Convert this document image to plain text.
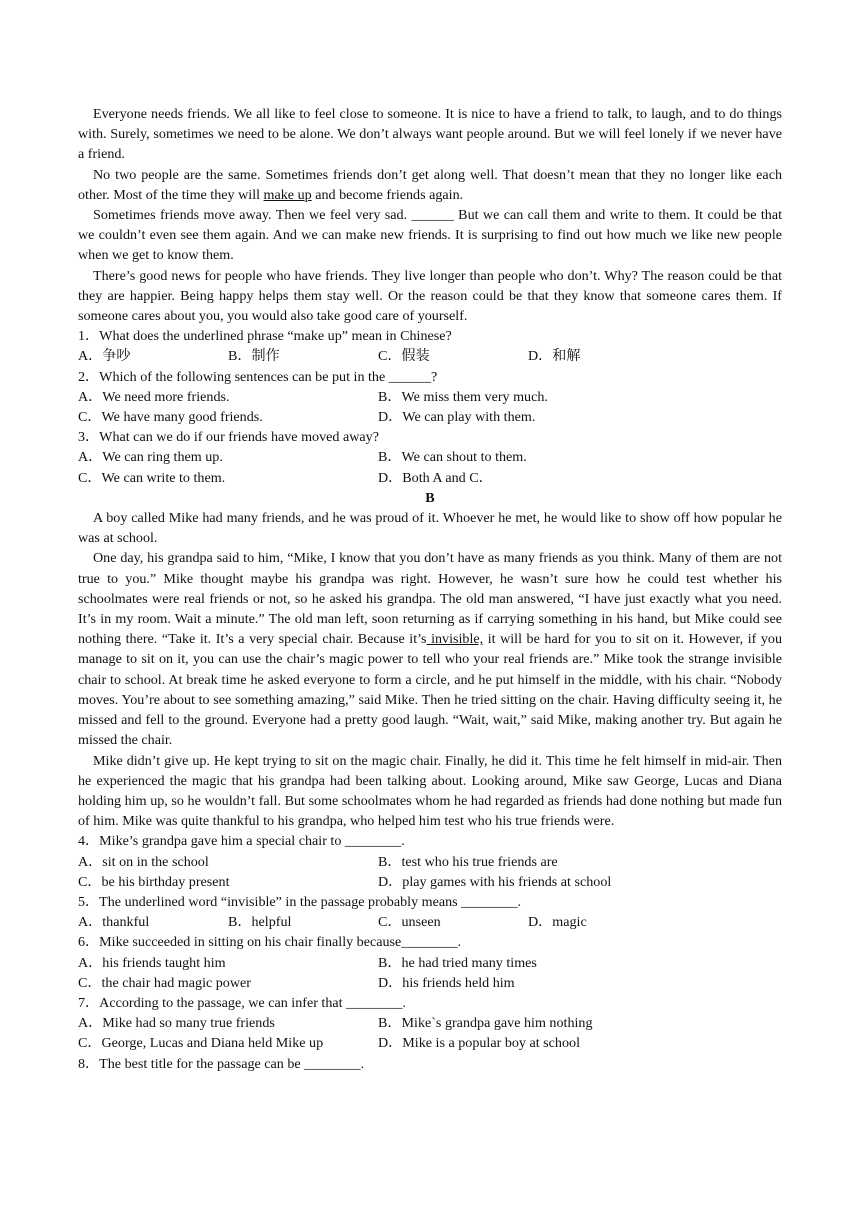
Everyone needs friends. We all like to feel close to someone. It is nice to have a friend to talk, to laugh, and to do things with. Surely, sometimes we need to be alone. We don’t always want people around. But we will feel lonely if we never have a friend.

No two people are the same. Sometimes friends don’t get along well. That doesn’t mean that they no longer like each other. Most of the time they will make up and become friends again.

Sometimes friends move away. Then we feel very sad. ______ But we can call them and write to them. It could be that we couldn’t even see them again. And we can make new friends. It is surprising to find out how much we like new people when we get to know them.

There’s good news for people who have friends. They live longer than people who don’t. Why? The reason could be that they are happier. Being happy helps them stay well. Or the reason could be that they know that someone cares them. If someone cares about you, you would also take good care of yourself.

1．What does the underlined phrase “make up” mean in Chinese?

A．争吵	B．制作	C．假装	D．和解

2．Which of the following sentences can be put in the ______?

A．We need more friends.	B．We miss them very much.
C．We have many good friends.	D．We can play with them.

3．What can we do if our friends have moved away?

A．We can ring them up.	B．We can shout to them.
C．We can write to them.	D．Both A and C．

B

A boy called Mike had many friends, and he was proud of it. Whoever he met, he would like to show off how popular he was at school.

One day, his grandpa said to him, “Mike, I know that you don’t have as many friends as you think. Many of them are not true to you.” Mike thought maybe his grandpa was right. However, he wasn’t sure how he could test whether his schoolmates were real friends or not, so he asked his grandpa. The old man answered, “I have just exactly what you need. It’s in my room. Wait a minute.” The old man left, soon returning as if carrying something in his hand, but Mike could see nothing there. “Take it. It’s a very special chair. Because it’s invisible, it will be hard for you to sit on it. However, if you manage to sit on it, you can use the chair’s magic power to tell who your real friends are.” Mike took the strange invisible chair to school. At break time he asked everyone to form a circle, and he put himself in the middle, with his chair. “Nobody moves. You’re about to see something amazing,” said Mike. Then he tried sitting on the chair. Having difficulty seeing it, he missed and fell to the ground. Everyone had a pretty good laugh. “Wait, wait,” said Mike, making another try. But again he missed the chair.

Mike didn’t give up. He kept trying to sit on the magic chair. Finally, he did it. This time he felt himself in mid-air. Then he experienced the magic that his grandpa had been talking about. Looking around, Mike saw George, Lucas and Diana holding him up, so he wouldn’t fall. But some schoolmates whom he had regarded as friends had done nothing but made fun of him. Mike was quite thankful to his grandpa, who helped him test who his true friends were.

4．Mike’s grandpa gave him a special chair to ________.

A．sit on in the school	B．test who his true friends are
C．be his birthday present	D．play games with his friends at school

5．The underlined word “invisible” in the passage probably means ________.

A．thankful	B．helpful	C．unseen	D．magic

6．Mike succeeded in sitting on his chair finally because________.

A．his friends taught him	B．he had tried many times
C．the chair had magic power	D．his friends held him

7．According to the passage, we can infer that ________.

A．Mike had so many true friends	B．Mike`s grandpa gave him nothing
C．George, Lucas and Diana held Mike up	D．Mike is a popular boy at school

8．The best title for the passage can be ________.
